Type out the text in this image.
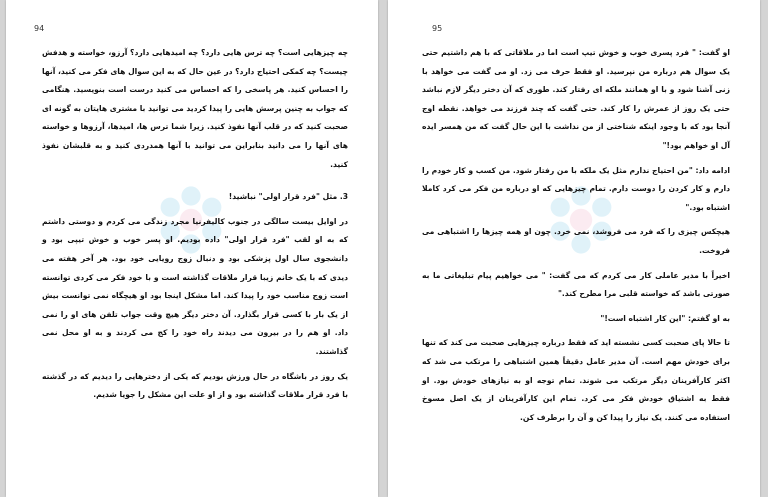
94

چه چیزهایی است؟ چه ترس هایی دارد؟ چه امیدهایی دارد؟ آرزو، خواسته و هدفش چیست؟ چه کمکی احتیاج دارد؟ در عین حال که به این سوال های فکر می کنید، آنها را احساس کنید. هر پاسخی را که احساس می کنید درست است بنویسید. هنگامی که جواب به چنین پرسش هایی را پیدا کردید می توانید با مشتری هایتان به گونه ای صحبت کنید که در قلب آنها نفوذ کنید. زیرا شما ترس ها، امیدها، آرزوها و خواسته های آنها را می دانید بنابراین می توانید با آنها همدردی کنید و به قلبشان نفوذ کنید.

3. مثل "فرد قرار اولی" نباشید!

در اوایل بیست سالگی در جنوب کالیفرنیا مجرد زندگی می کردم و دوستی داشتم که به او لقب "فرد قرار اولی" داده بودیم. او پسر خوب و خوش تیپی بود و دانشجوی سال اول پزشکی بود و دنبال زوج رویایی خود بود. هر آخر هفته می دیدی که با یک خانم زیبا قرار ملاقات گذاشته است و با خود فکر می کردی توانسته است زوج مناسب خود را پیدا کند. اما مشکل اینجا بود او هیچگاه نمی توانست بیش از یک بار با کسی قرار بگذارد. آن دختر دیگر هیچ وقت جواب تلفن های او را نمی داد. او هم را در بیرون می دیدند راه خود را کج می کردند و به او محل نمی گذاشتند.

یک روز در باشگاه در حال ورزش بودیم که یکی از دخترهایی را دیدیم که در گذشته با فرد قرار ملاقات گذاشته بود و از او علت این مشکل را جویا شدیم.

95

او گفت: " فرد پسری خوب و خوش تیپ است اما در ملاقاتی که با هم داشتیم حتی یک سوال هم درباره من نپرسید. او فقط حرف می زد. او می گفت می خواهد با زنی آشنا شود و با او همانند ملکه ای رفتار کند. طوری که آن دختر دیگر لازم نباشد حتی یک روز از عمرش را کار کند. حتی گفت که چند فرزند می خواهد. نقطه اوج آنجا بود که با وجود اینکه شناختی از من نداشت با این حال گفت که من همسر ایده آل او خواهم بود!"

ادامه داد: "من احتیاج ندارم مثل یک ملکه با من رفتار شود. من کسب و کار خودم را دارم و کار کردن را دوست دارم. تمام چیزهایی که او درباره من فکر می کرد کاملا اشتباه بود."

هیچکس چیزی را که فرد می فروشد، نمی خرد. چون او همه چیزها را اشتباهی می فروخت.

اخیراً با مدیر عاملی کار می کردم که می گفت: " می خواهیم پیام تبلیغاتی ما به صورتی باشد که خواسته قلبی مرا مطرح کند."

به او گفتم: "این کار اشتباه است!"

تا حالا پای صحبت کسی نشسته اید که فقط درباره چیزهایی صحبت می کند که تنها برای خودش مهم است. آن مدیر عامل دقیقاً همین اشتباهی را مرتکب می شد که اکثر کارآفرینان دیگر مرتکب می شوند. تمام توجه او به نیازهای خودش بود. او فقط به اشتیاق خودش فکر می کرد. تمام این کارآفرینان از یک اصل مسوخ استفاده می کنند. یک نیاز را پیدا کن و آن را برطرف کن.
